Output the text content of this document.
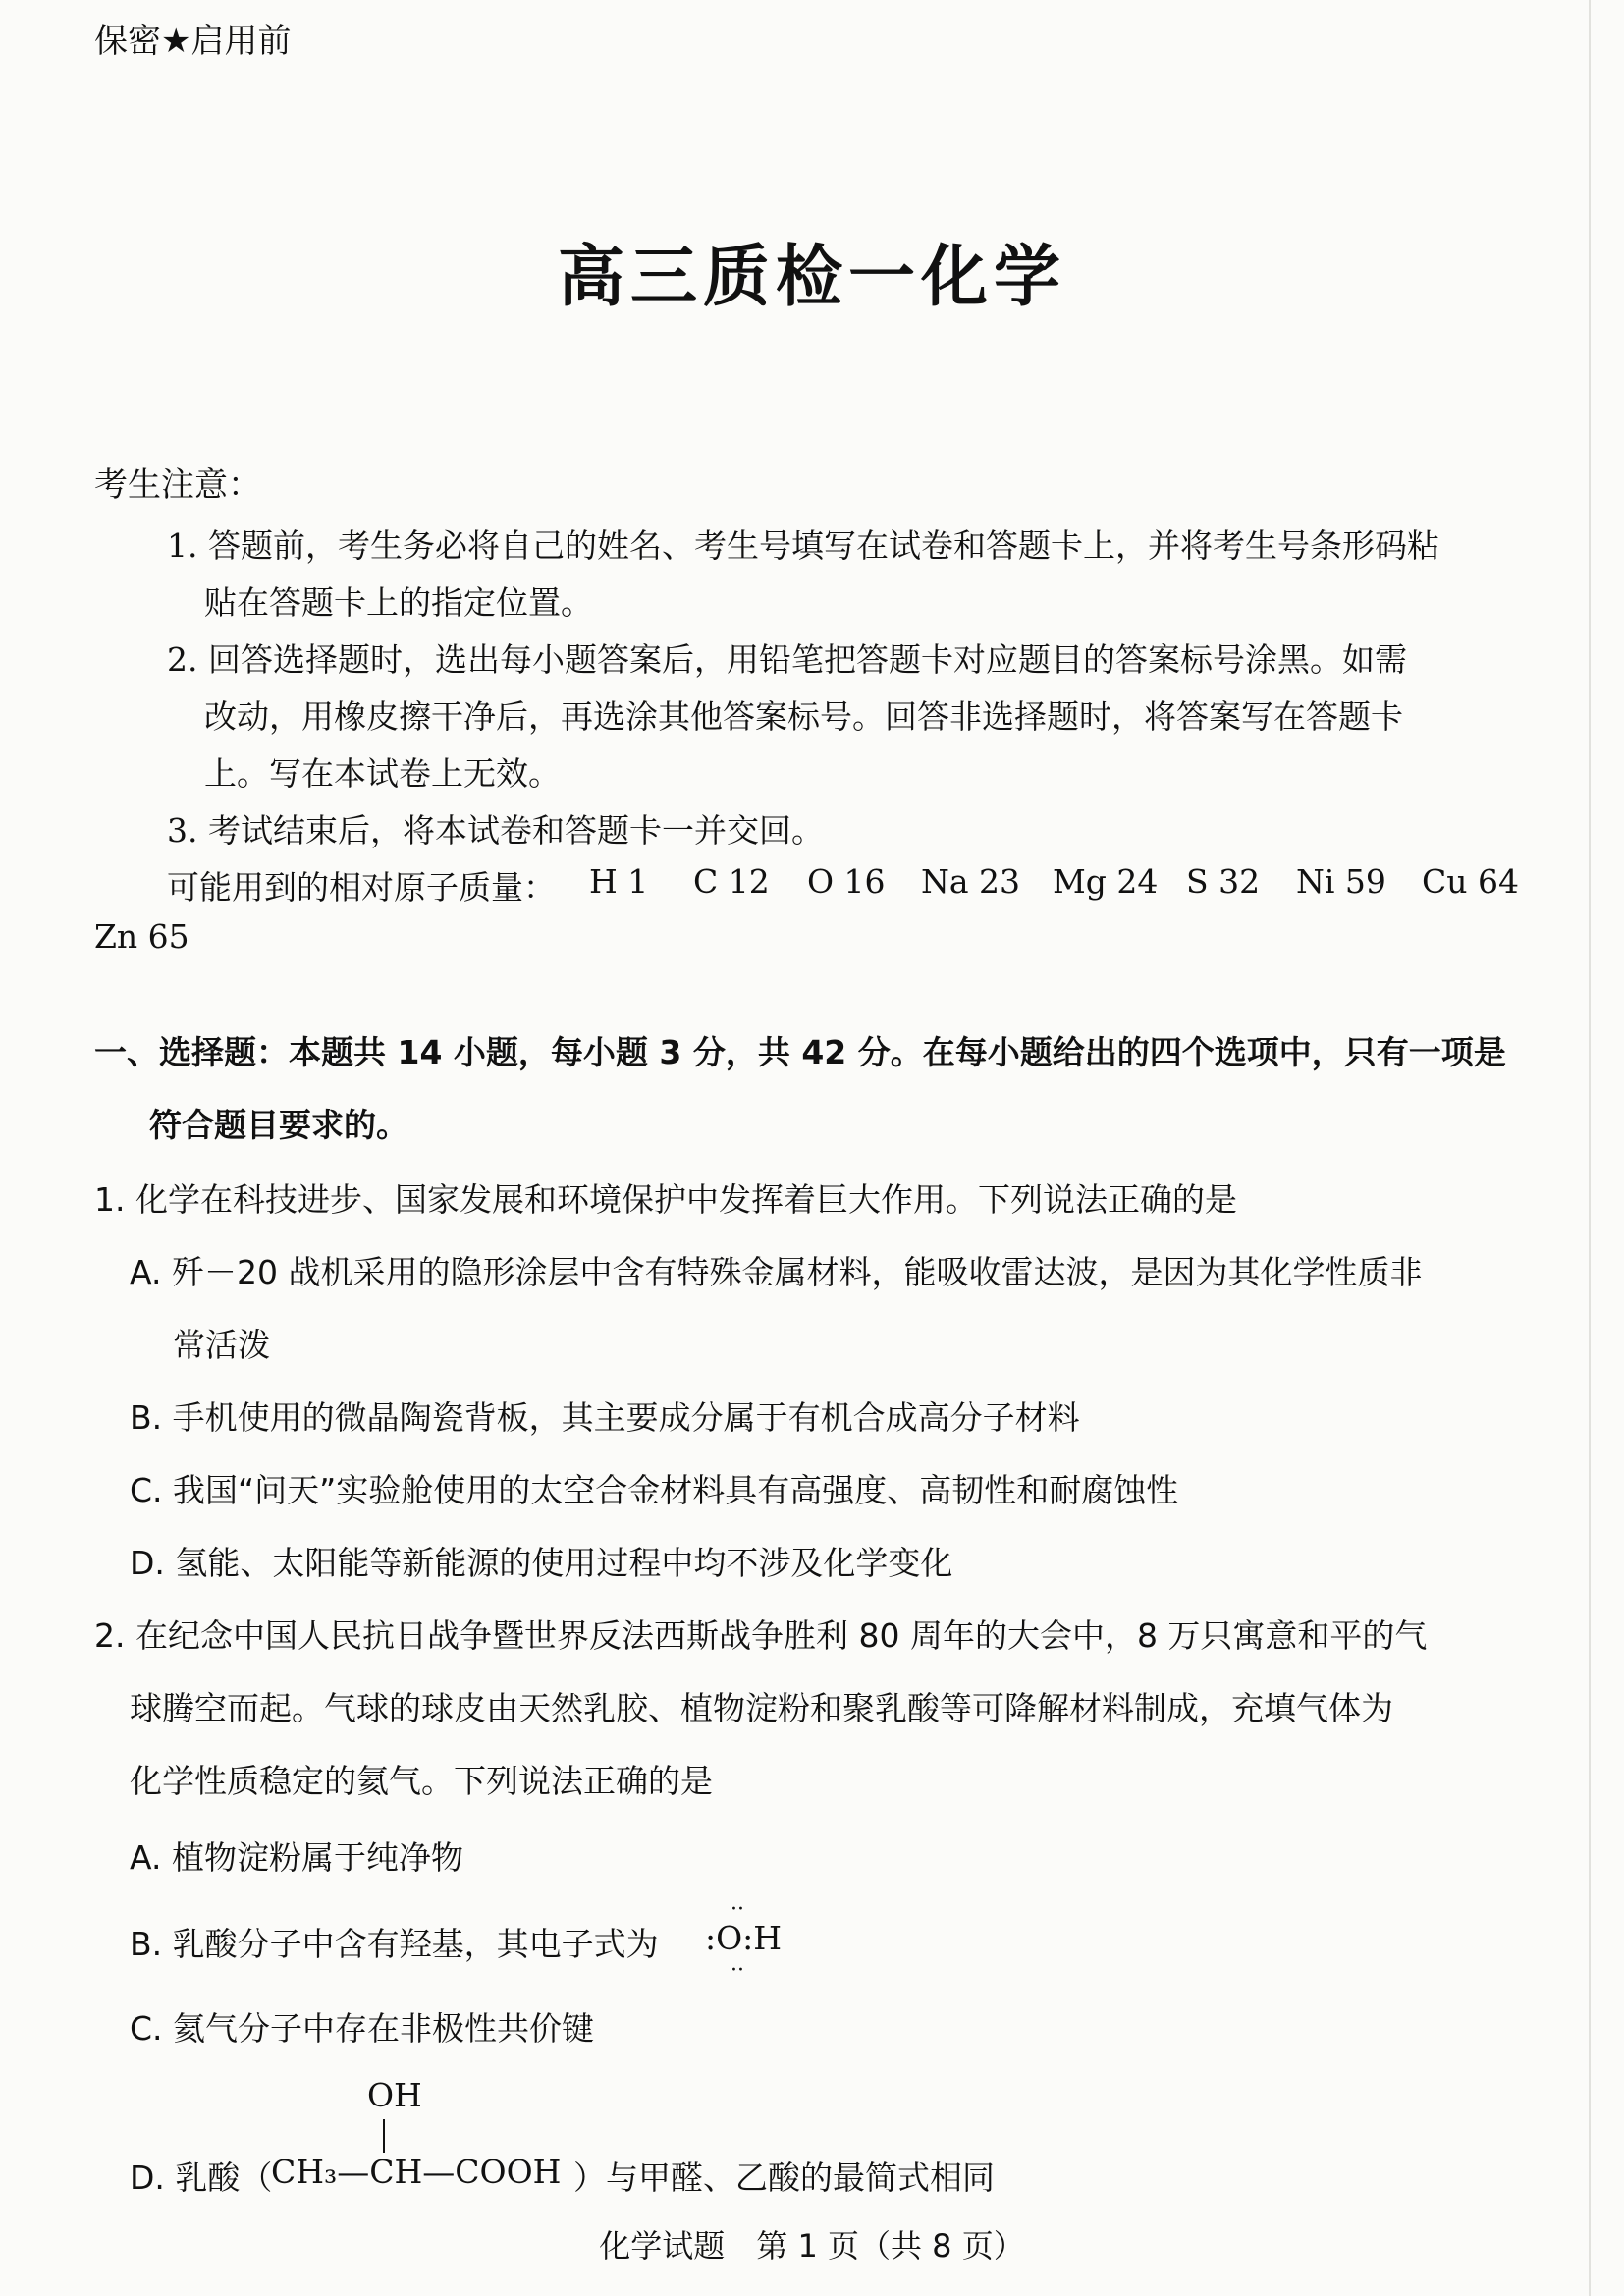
保密★启用前
高三质检一化学
考生注意：
1. 答题前，考生务必将自己的姓名、考生号填写在试卷和答题卡上，并将考生号条形码粘
贴在答题卡上的指定位置。
2. 回答选择题时，选出每小题答案后，用铅笔把答题卡对应题目的答案标号涂黑。如需
改动，用橡皮擦干净后，再选涂其他答案标号。回答非选择题时，将答案写在答题卡
上。写在本试卷上无效。
3. 考试结束后，将本试卷和答题卡一并交回。
可能用到的相对原子质量： H 1 C 12 O 16 Na 23 Mg 24 S 32 Ni 59 Cu 64
Zn 65
一、选择题：本题共 14 小题，每小题 3 分，共 42 分。在每小题给出的四个选项中，只有一项是
符合题目要求的。
1. 化学在科技进步、国家发展和环境保护中发挥着巨大作用。下列说法正确的是
A. 歼－20 战机采用的隐形涂层中含有特殊金属材料，能吸收雷达波，是因为其化学性质非
常活泼
B. 手机使用的微晶陶瓷背板，其主要成分属于有机合成高分子材料
C. 我国“问天”实验舱使用的太空合金材料具有高强度、高韧性和耐腐蚀性
D. 氢能、太阳能等新能源的使用过程中均不涉及化学变化
2. 在纪念中国人民抗日战争暨世界反法西斯战争胜利 80 周年的大会中，8 万只寓意和平的气
球腾空而起。气球的球皮由天然乳胶、植物淀粉和聚乳酸等可降解材料制成，充填气体为
化学性质稳定的氦气。下列说法正确的是
A. 植物淀粉属于纯净物
B. 乳酸分子中含有羟基，其电子式为 :O:H
··
··
C. 氦气分子中存在非极性共价键
OH
D. 乳酸（
CH₃—CH—COOH ）与甲醛、乙酸的最简式相同
化学试题　第 1 页（共 8 页）
